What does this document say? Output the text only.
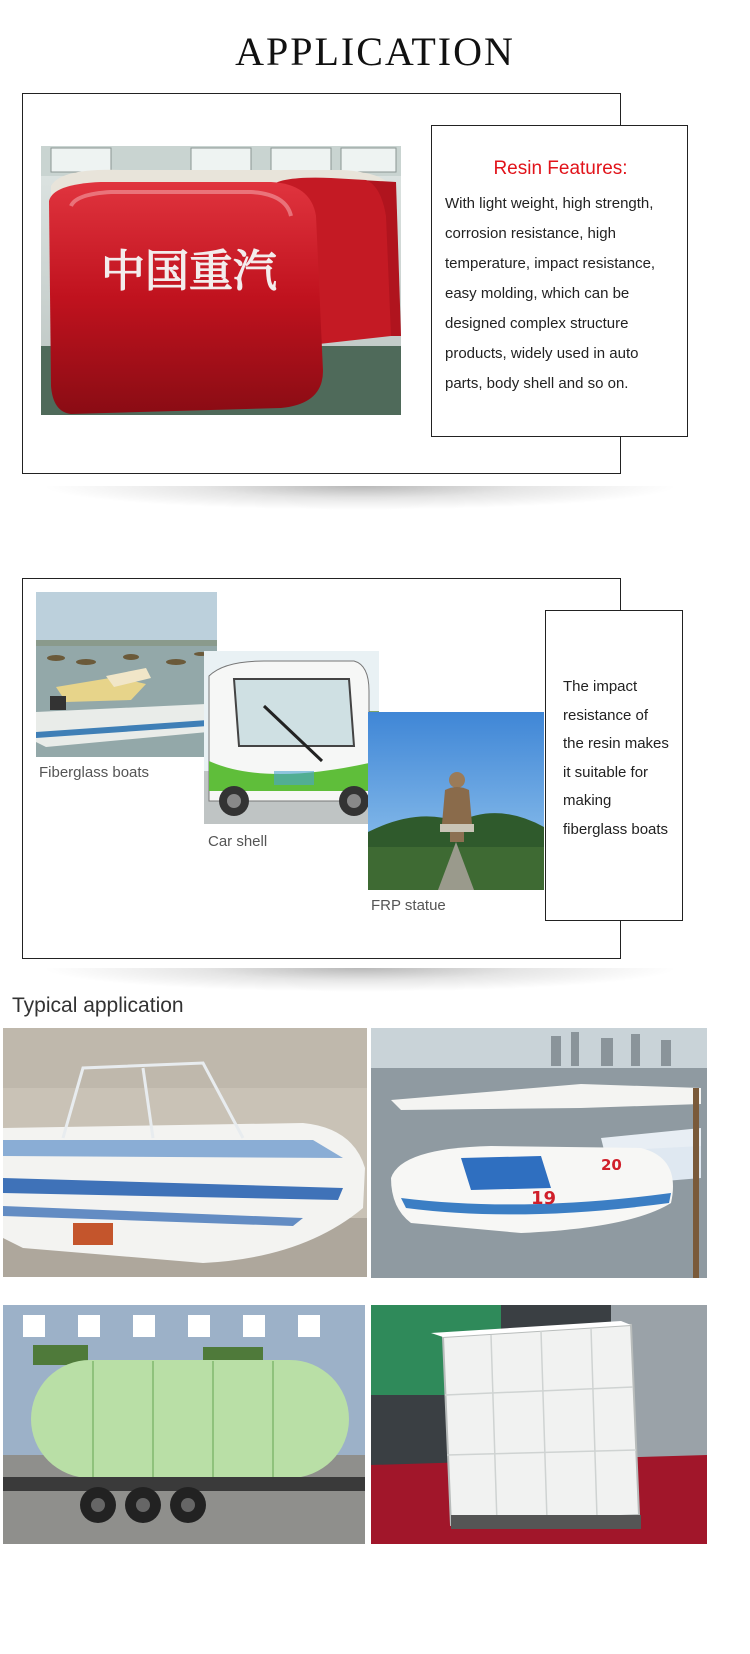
APPLICATION
中国重汽
Resin Features:
With light weight, high strength,
corrosion resistance, high
temperature, impact resistance,
easy molding, which can be
designed complex structure
products, widely used in auto
parts, body shell and so on.
Fiberglass boats
Car shell
FRP statue
The impact
resistance of
the resin makes
it suitable for
making
fiberglass boats
Typical application
19
20
